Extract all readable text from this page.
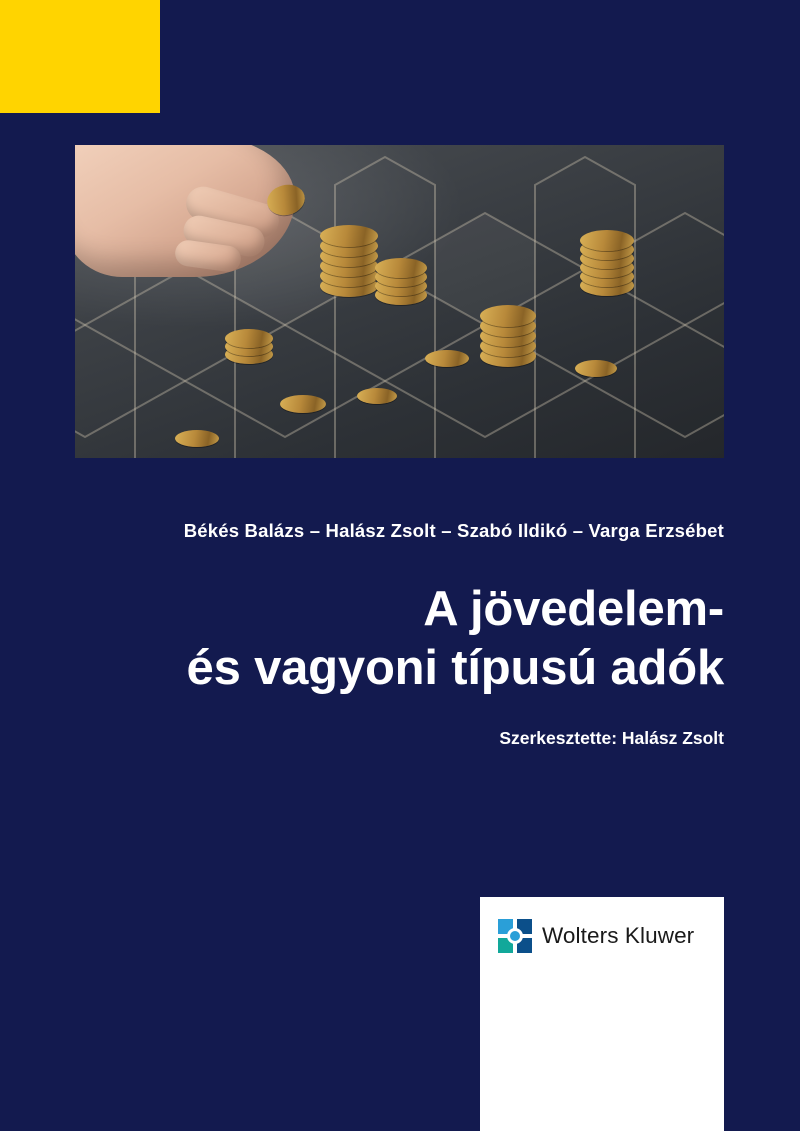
Békés Balázs – Halász Zsolt – Szabó Ildikó – Varga Erzsébet
A jövedelem-
és vagyoni típusú adók
Szerkesztette: Halász Zsolt
Wolters Kluwer
